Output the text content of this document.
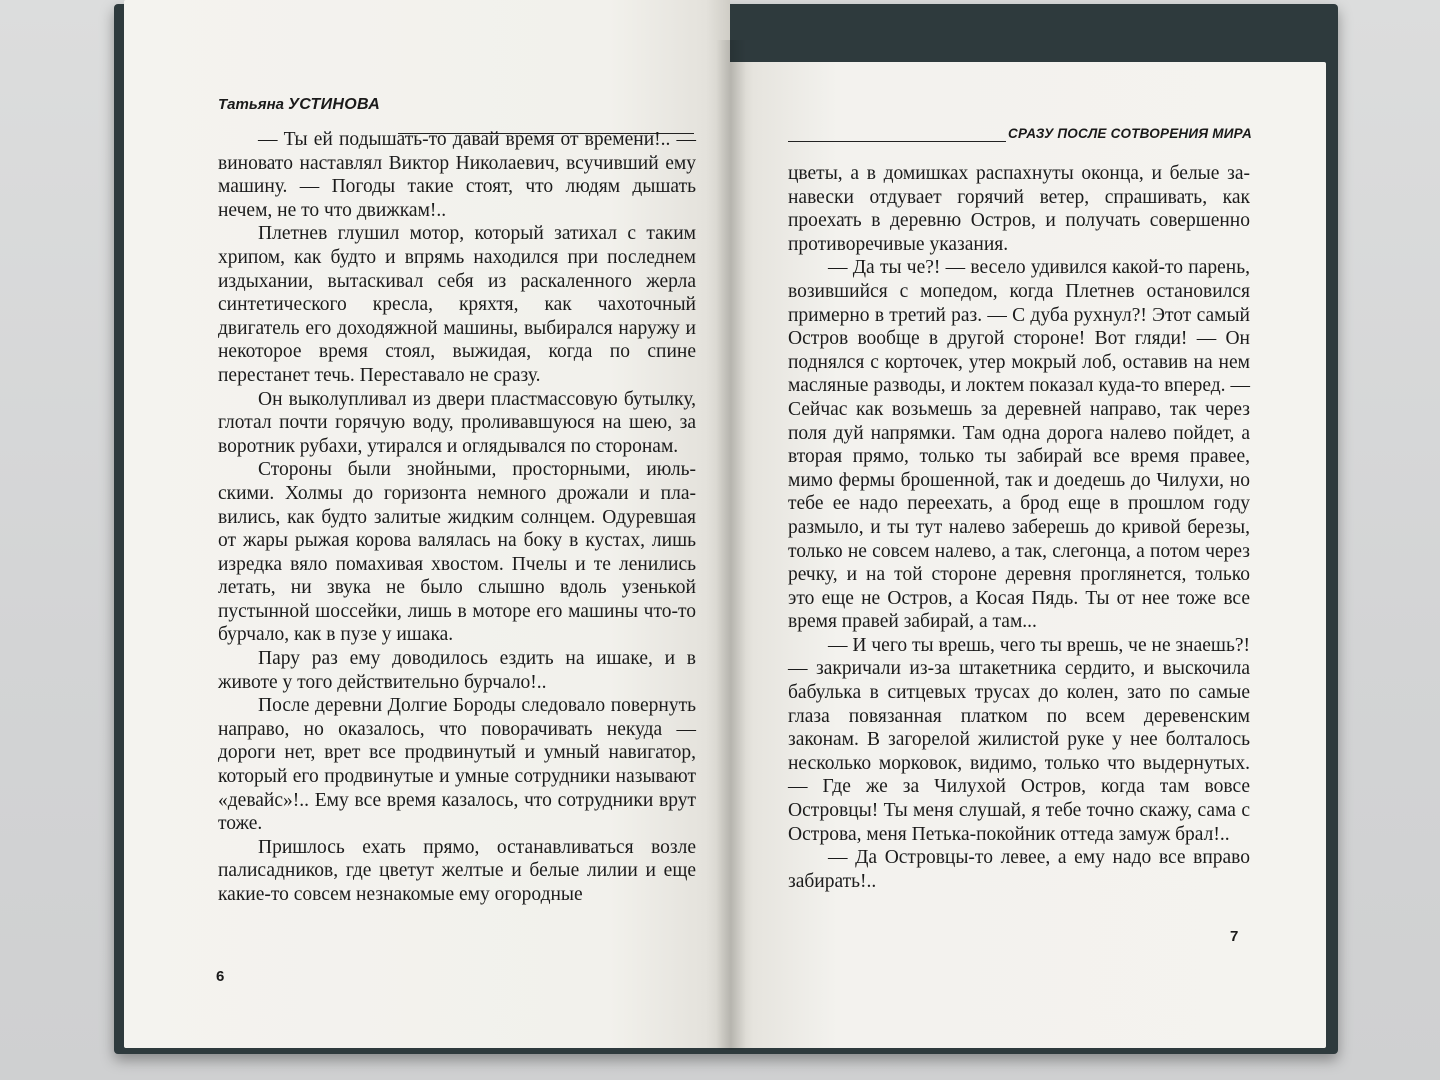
Татьяна УСТИНОВА

— Ты ей подышать-то давай время от времени!.. — виновато наставлял Виктор Николаевич, всучивший ему машину. — Погоды такие стоят, что людям дышать нечем, не то что движкам!..

Плетнев глушил мотор, который затихал с таким хрипом, как будто и впрямь находился при последнем издыхании, вытаскивал себя из раскаленного жерла синтетического кресла, кряхтя, как чахоточный двигатель его доходяжной машины, выбирался наружу и некоторое время стоял, выжидая, когда по спине перестанет течь. Переставало не сразу.

Он выколупливал из двери пластмассовую бутылку, глотал почти горячую воду, проливавшуюся на шею, за воротник рубахи, утирался и оглядывался по сторонам.

Стороны были знойными, просторными, июльскими. Холмы до горизонта немного дрожали и плавились, как будто залитые жидким солнцем. Одуревшая от жары рыжая корова валялась на боку в кустах, лишь изредка вяло помахивая хвостом. Пчелы и те ленились летать, ни звука не было слышно вдоль узенькой пустынной шоссейки, лишь в моторе его машины что-то бурчало, как в пузе у ишака.

Пару раз ему доводилось ездить на ишаке, и в животе у того действительно бурчало!..

После деревни Долгие Бороды следовало повернуть направо, но оказалось, что поворачивать некуда — дороги нет, врет все продвинутый и умный навигатор, который его продвинутые и умные сотрудники называют «девайс»!.. Ему все время казалось, что сотрудники врут тоже.

Пришлось ехать прямо, останавливаться возле палисадников, где цветут желтые и белые лилии и еще какие-то совсем незнакомые ему огородные

6
СРАЗУ ПОСЛЕ СОТВОРЕНИЯ МИРА

цветы, а в домишках распахнуты оконца, и белые занавески отдувает горячий ветер, спрашивать, как проехать в деревню Остров, и получать совершенно противоречивые указания.

— Да ты че?! — весело удивился какой-то парень, возившийся с мопедом, когда Плетнев остановился примерно в третий раз. — С дуба рухнул?! Этот самый Остров вообще в другой стороне! Вот гляди! — Он поднялся с корточек, утер мокрый лоб, оставив на нем масляные разводы, и локтем показал куда-то вперед. — Сейчас как возьмешь за деревней направо, так через поля дуй напрямки. Там одна дорога налево пойдет, а вторая прямо, только ты забирай все время правее, мимо фермы брошенной, так и доедешь до Чилухи, но тебе ее надо переехать, а брод еще в прошлом году размыло, и ты тут налево заберешь до кривой березы, только не совсем налево, а так, слегонца, а потом через речку, и на той стороне деревня проглянется, только это еще не Остров, а Косая Пядь. Ты от нее тоже все время правей забирай, а там...

— И чего ты врешь, чего ты врешь, че не знаешь?! — закричали из-за штакетника сердито, и выскочила бабулька в ситцевых трусах до колен, зато по самые глаза повязанная платком по всем деревенским законам. В загорелой жилистой руке у нее болталось несколько морковок, видимо, только что выдернутых. — Где же за Чилухой Остров, когда там вовсе Островцы! Ты меня слушай, я тебе точно скажу, сама с Острова, меня Петька-покойник оттеда замуж брал!..

— Да Островцы-то левее, а ему надо все вправо забирать!..

7
